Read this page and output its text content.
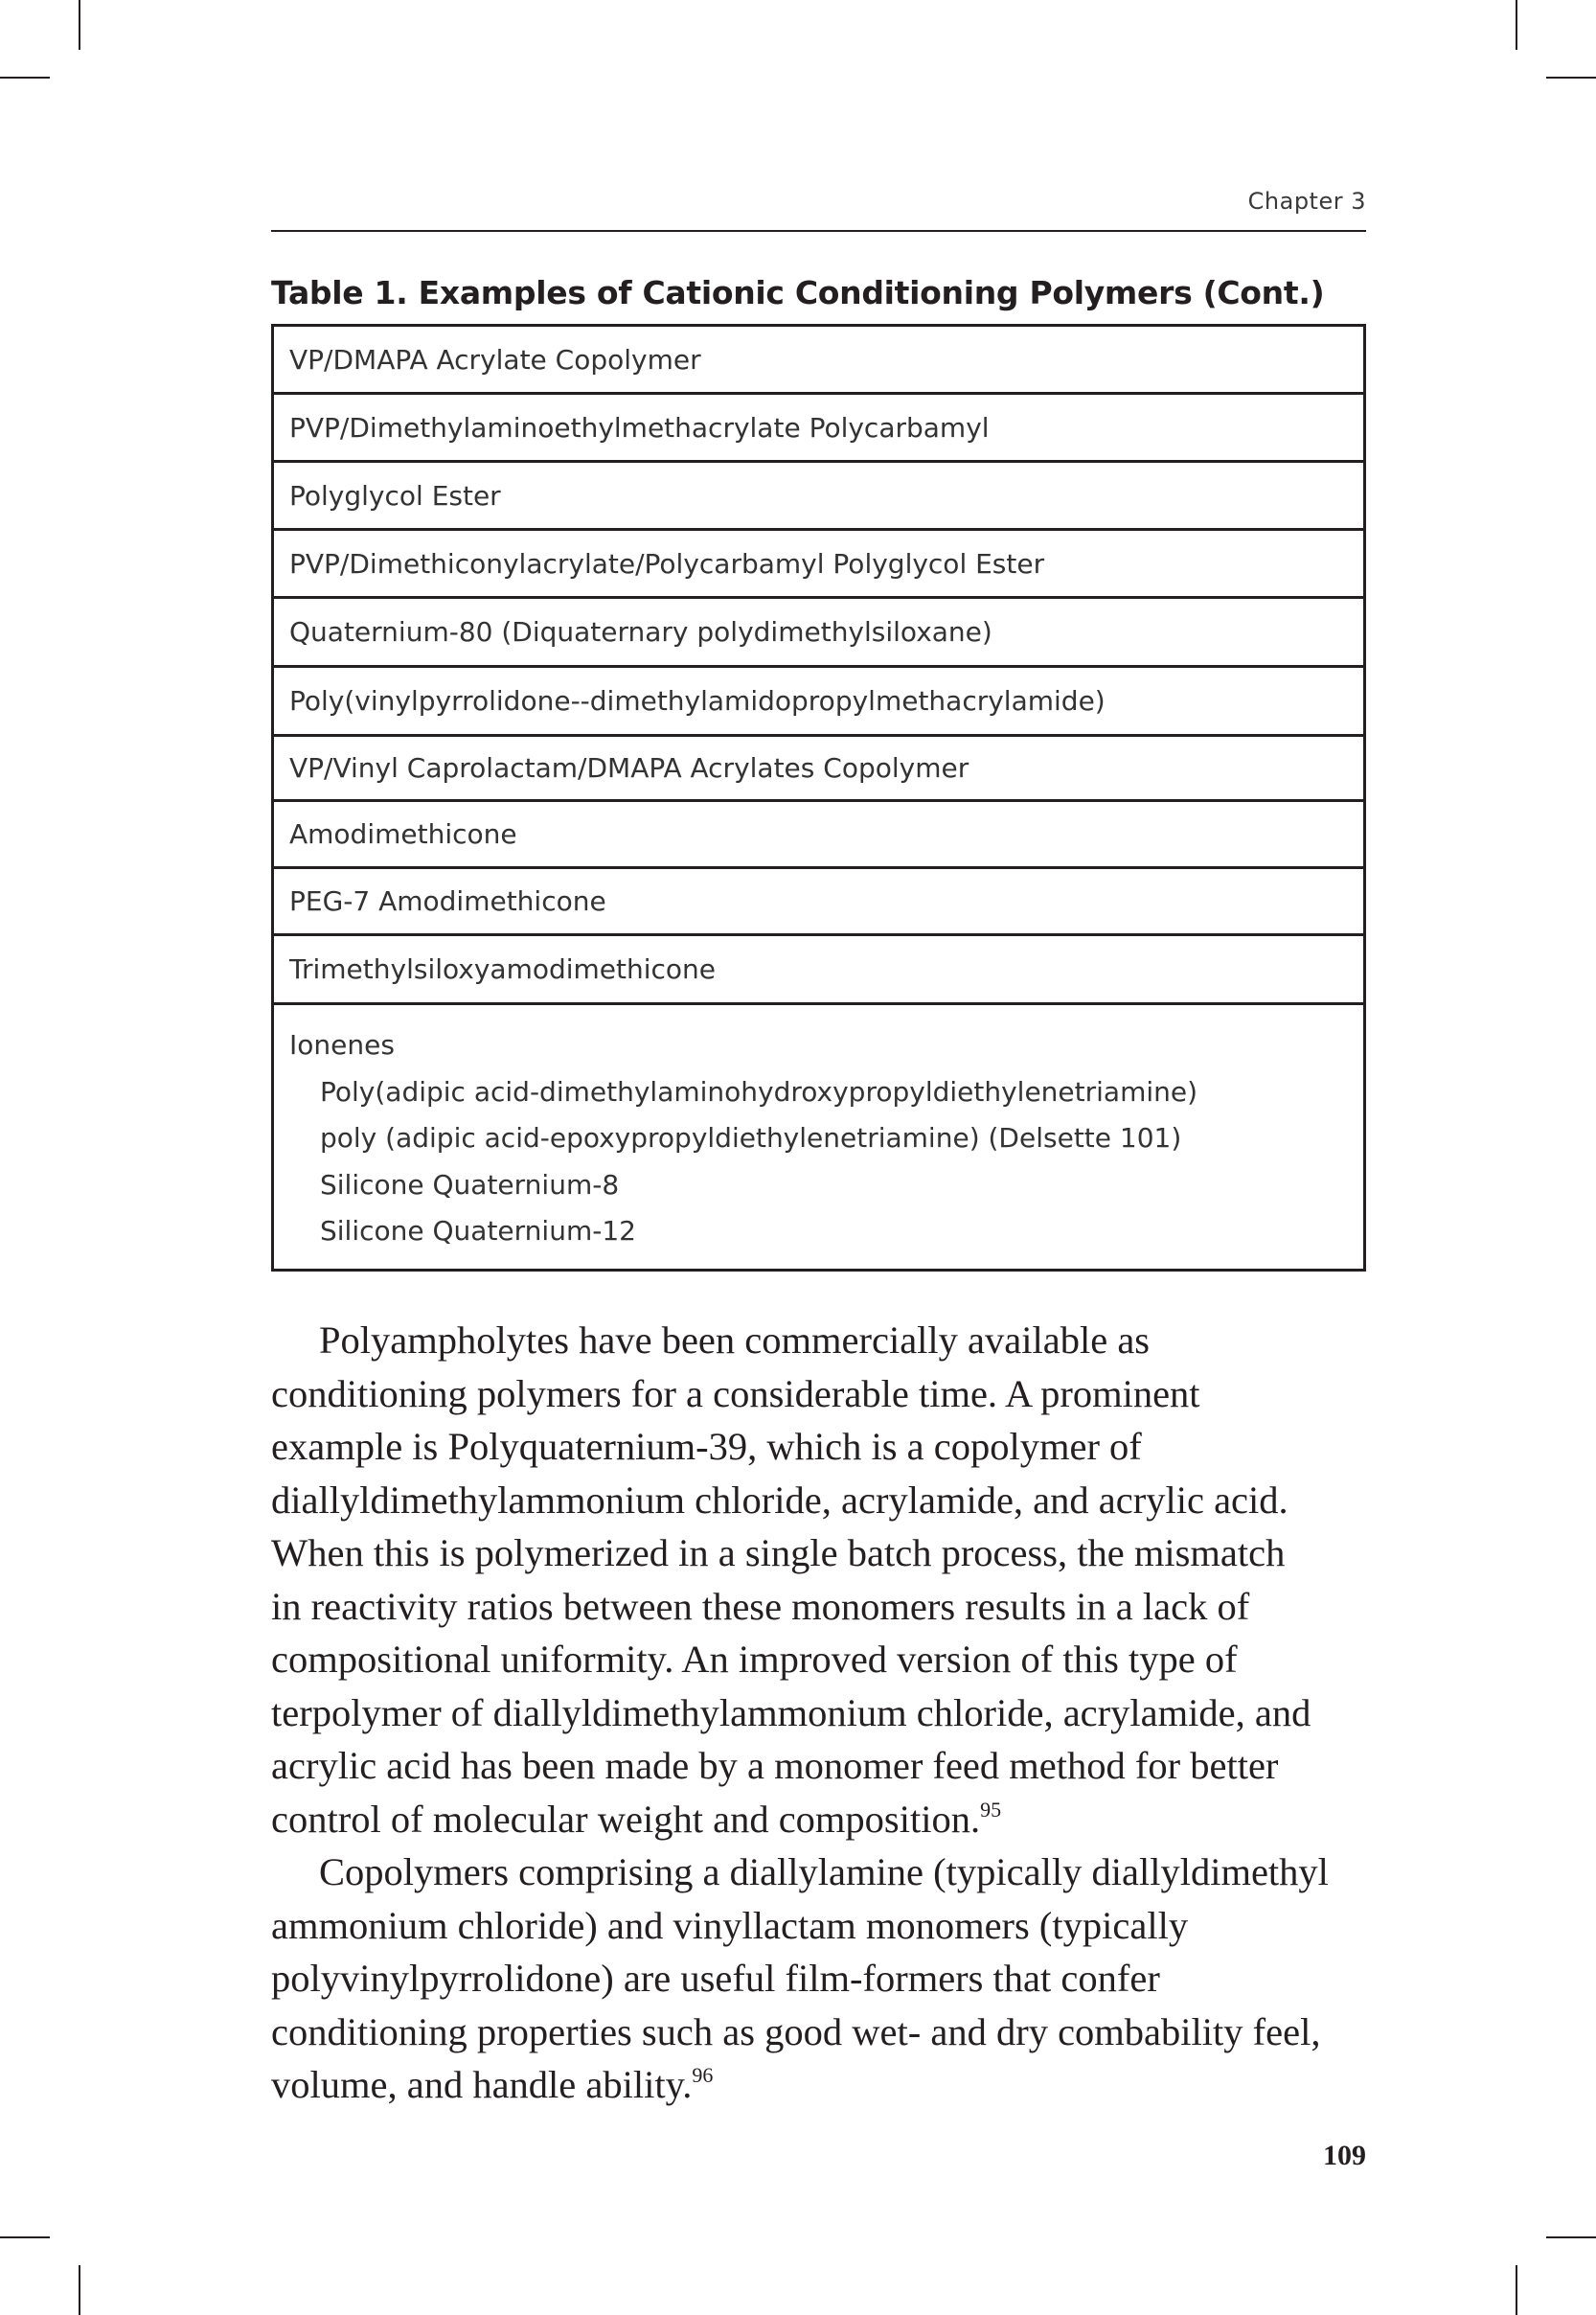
Chapter 3
Table 1. Examples of Cationic Conditioning Polymers (Cont.)
VP/DMAPA Acrylate Copolymer
PVP/Dimethylaminoethylmethacrylate Polycarbamyl
Polyglycol Ester
PVP/Dimethiconylacrylate/Polycarbamyl Polyglycol Ester
Quaternium-80 (Diquaternary polydimethylsiloxane)
Poly(vinylpyrrolidone--dimethylamidopropylmethacrylamide)
VP/Vinyl Caprolactam/DMAPA Acrylates Copolymer
Amodimethicone
PEG-7 Amodimethicone
Trimethylsiloxyamodimethicone
Ionenes
Poly(adipic acid-dimethylaminohydroxypropyldiethylenetriamine)
poly (adipic acid-epoxypropyldiethylenetriamine) (Delsette 101)
Silicone Quaternium-8
Silicone Quaternium-12
Polyampholytes have been commercially available as
conditioning polymers for a considerable time. A prominent
example is Polyquaternium-39, which is a copolymer of
diallyldimethylammonium chloride, acrylamide, and acrylic acid.
When this is polymerized in a single batch process, the mismatch
in reactivity ratios between these monomers results in a lack of
compositional uniformity. An improved version of this type of
terpolymer of diallyldimethylammonium chloride, acrylamide, and
acrylic acid has been made by a monomer feed method for better
control of molecular weight and composition.$^{95}$
Copolymers comprising a diallylamine (typically diallyldimethyl
ammonium chloride) and vinyllactam monomers (typically
polyvinylpyrrolidone) are useful film-formers that confer
conditioning properties such as good wet- and dry combability feel,
volume, and handle ability.$^{96}$
109
